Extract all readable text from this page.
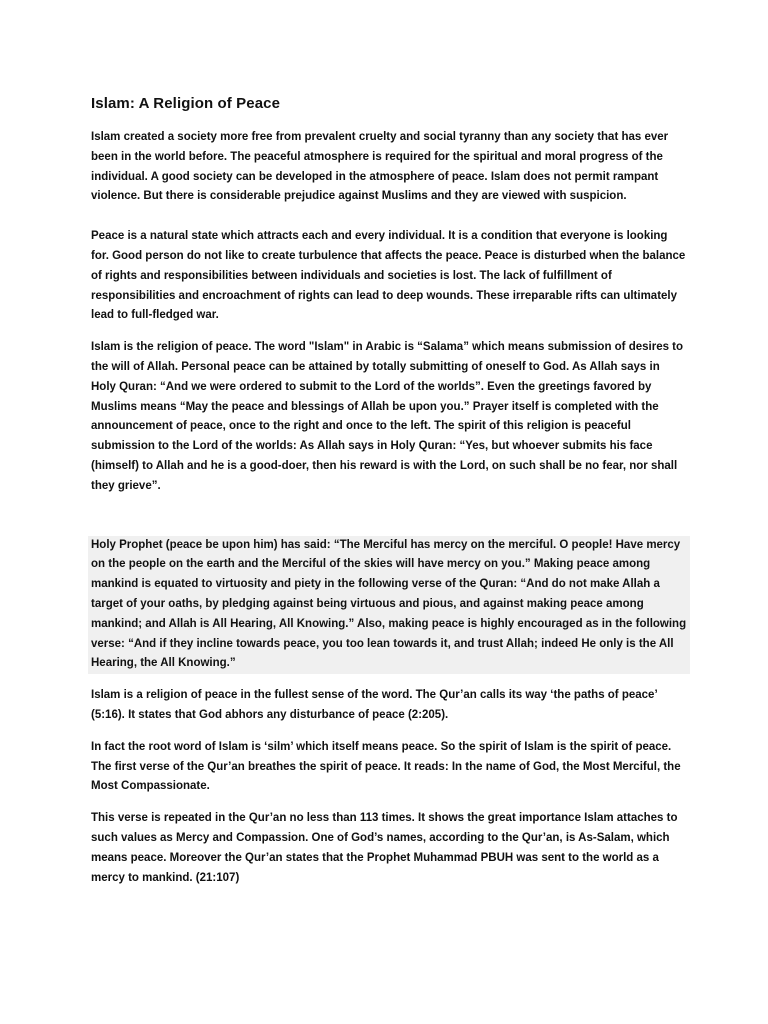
Islam: A Religion of Peace

Islam created a society more free from prevalent cruelty and social tyranny than any society that has ever been in the world before. The peaceful atmosphere is required for the spiritual and moral progress of the individual. A good society can be developed in the atmosphere of peace. Islam does not permit rampant violence. But there is considerable prejudice against Muslims and they are viewed with suspicion.

Peace is a natural state which attracts each and every individual. It is a condition that everyone is looking for. Good person do not like to create turbulence that affects the peace. Peace is disturbed when the balance of rights and responsibilities between individuals and societies is lost. The lack of fulfillment of responsibilities and encroachment of rights can lead to deep wounds. These irreparable rifts can ultimately lead to full-fledged war.

Islam is the religion of peace. The word "Islam" in Arabic is “Salama” which means submission of desires to the will of Allah. Personal peace can be attained by totally submitting of oneself to God. As Allah says in Holy Quran: “And we were ordered to submit to the Lord of the worlds”. Even the greetings favored by Muslims means “May the peace and blessings of Allah be upon you.” Prayer itself is completed with the announcement of peace, once to the right and once to the left. The spirit of this religion is peaceful submission to the Lord of the worlds: As Allah says in Holy Quran: “Yes, but whoever submits his face (himself) to Allah and he is a good-doer, then his reward is with the Lord, on such shall be no fear, nor shall they grieve”.

Holy Prophet (peace be upon him) has said: “The Merciful has mercy on the merciful. O people! Have mercy on the people on the earth and the Merciful of the skies will have mercy on you.” Making peace among mankind is equated to virtuosity and piety in the following verse of the Quran: “And do not make Allah a target of your oaths, by pledging against being virtuous and pious, and against making peace among mankind; and Allah is All Hearing, All Knowing.” Also, making peace is highly encouraged as in the following verse: “And if they incline towards peace, you too lean towards it, and trust Allah; indeed He only is the All Hearing, the All Knowing.”

Islam is a religion of peace in the fullest sense of the word. The Qur’an calls its way ‘the paths of peace’ (5:16). It states that God abhors any disturbance of peace (2:205).

In fact the root word of Islam is ‘silm’ which itself means peace. So the spirit of Islam is the spirit of peace. The first verse of the Qur’an breathes the spirit of peace. It reads: In the name of God, the Most Merciful, the Most Compassionate.

This verse is repeated in the Qur’an no less than 113 times. It shows the great importance Islam attaches to such values as Mercy and Compassion. One of God’s names, according to the Qur’an, is As-Salam, which means peace. Moreover the Qur’an states that the Prophet Muhammad PBUH was sent to the world as a mercy to mankind. (21:107)
